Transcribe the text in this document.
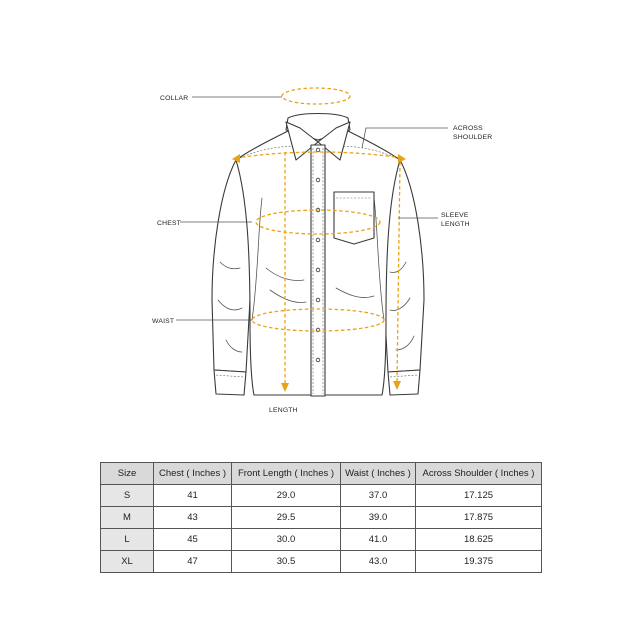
COLLAR
ACROSS
SHOULDER
CHEST
SLEEVE
LENGTH
WAIST
LENGTH
Size	Chest ( Inches )	Front Length ( Inches )	Waist ( Inches )	Across Shoulder ( Inches )
S	41	29.0	37.0	17.125
M	43	29.5	39.0	17.875
L	45	30.0	41.0	18.625
XL	47	30.5	43.0	19.375
